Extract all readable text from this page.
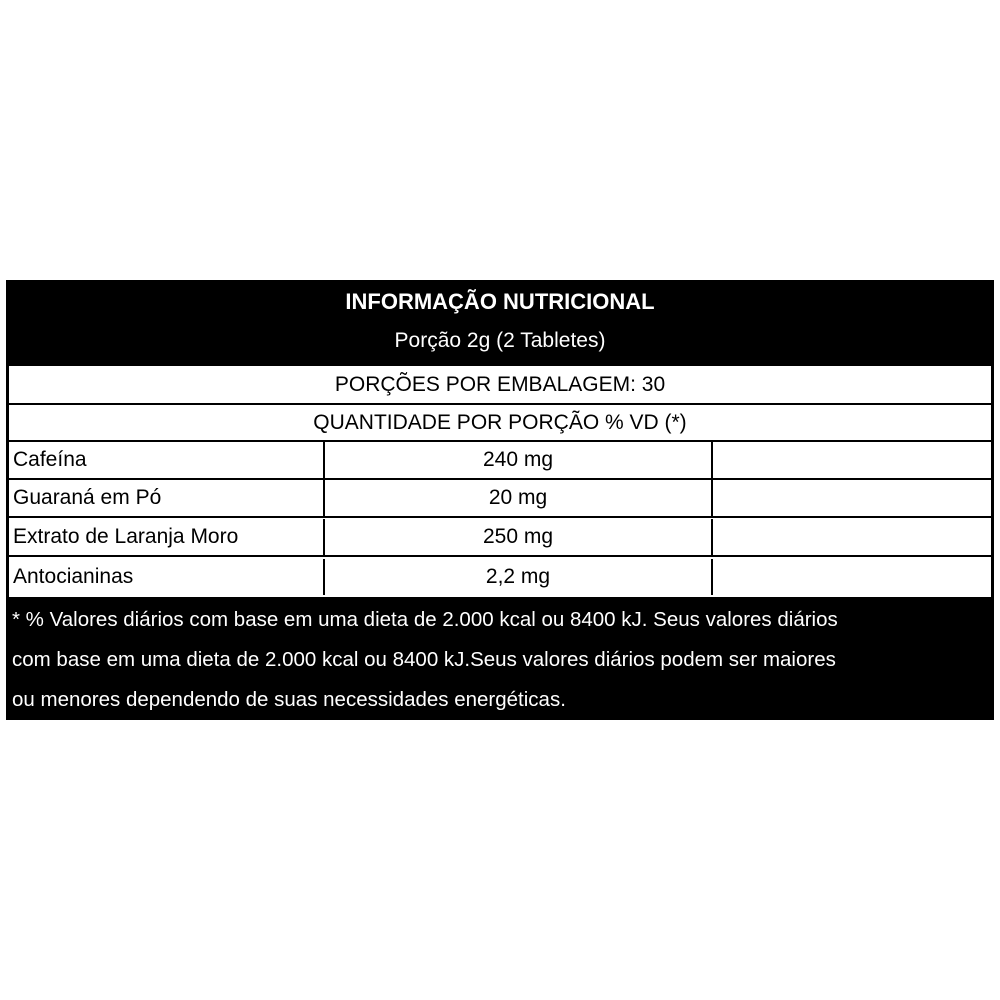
INFORMAÇÃO NUTRICIONAL
Porção 2g (2 Tabletes)
PORÇÕES POR EMBALAGEM: 30
QUANTIDADE POR PORÇÃO % VD (*)
Cafeína	240 mg
Guaraná em Pó	20 mg
Extrato de Laranja Moro	250 mg
Antocianinas	2,2 mg
* % Valores diários com base em uma dieta de 2.000 kcal ou 8400 kJ. Seus valores diários
com base em uma dieta de 2.000 kcal ou 8400 kJ.Seus valores diários podem ser maiores
ou menores dependendo de suas necessidades energéticas.
